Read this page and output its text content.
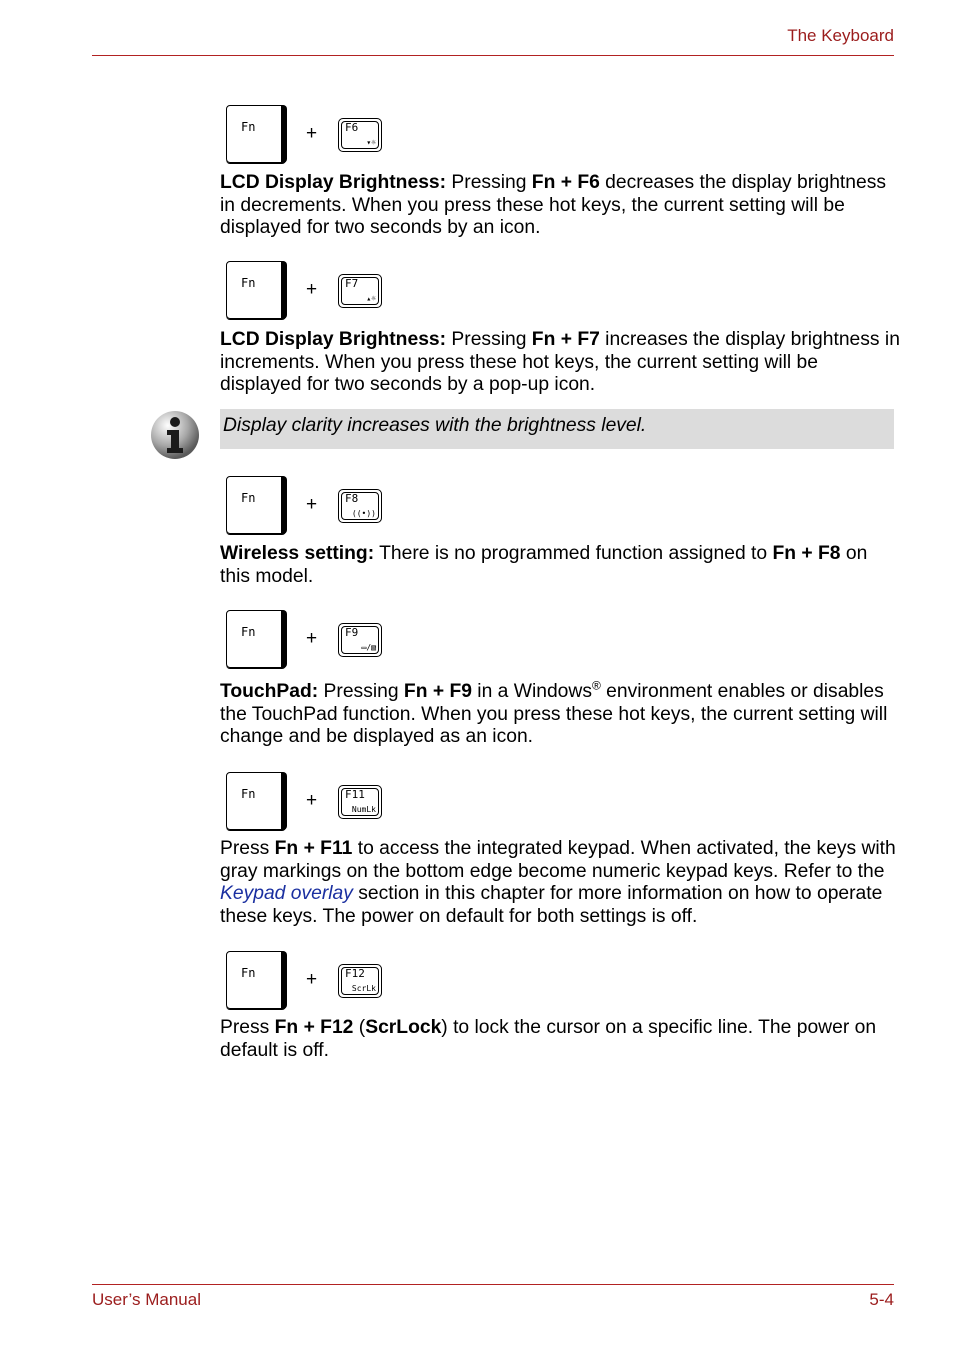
The Keyboard
Fn	+	F6
▾☼
LCD Display Brightness: Pressing Fn + F6 decreases the display brightness in decrements. When you press these hot keys, the current setting will be displayed for two seconds by an icon.
Fn	+	F7
▴☼
LCD Display Brightness: Pressing Fn + F7 increases the display brightness in increments. When you press these hot keys, the current setting will be displayed for two seconds by a pop-up icon.
Display clarity increases with the brightness level.
Fn	+	F8
((•))
Wireless setting: There is no programmed function assigned to Fn + F8 on this model.
Fn	+	F9
▭/▧
TouchPad: Pressing Fn + F9 in a Windows® environment enables or disables the TouchPad function. When you press these hot keys, the current setting will change and be displayed as an icon.
Fn	+	F11
NumLk
Press Fn + F11 to access the integrated keypad. When activated, the keys with gray markings on the bottom edge become numeric keypad keys. Refer to the Keypad overlay section in this chapter for more information on how to operate these keys. The power on default for both settings is off.
Fn	+	F12
ScrLk
Press Fn + F12 (ScrLock) to lock the cursor on a specific line. The power on default is off.
User’s Manual	5-4
